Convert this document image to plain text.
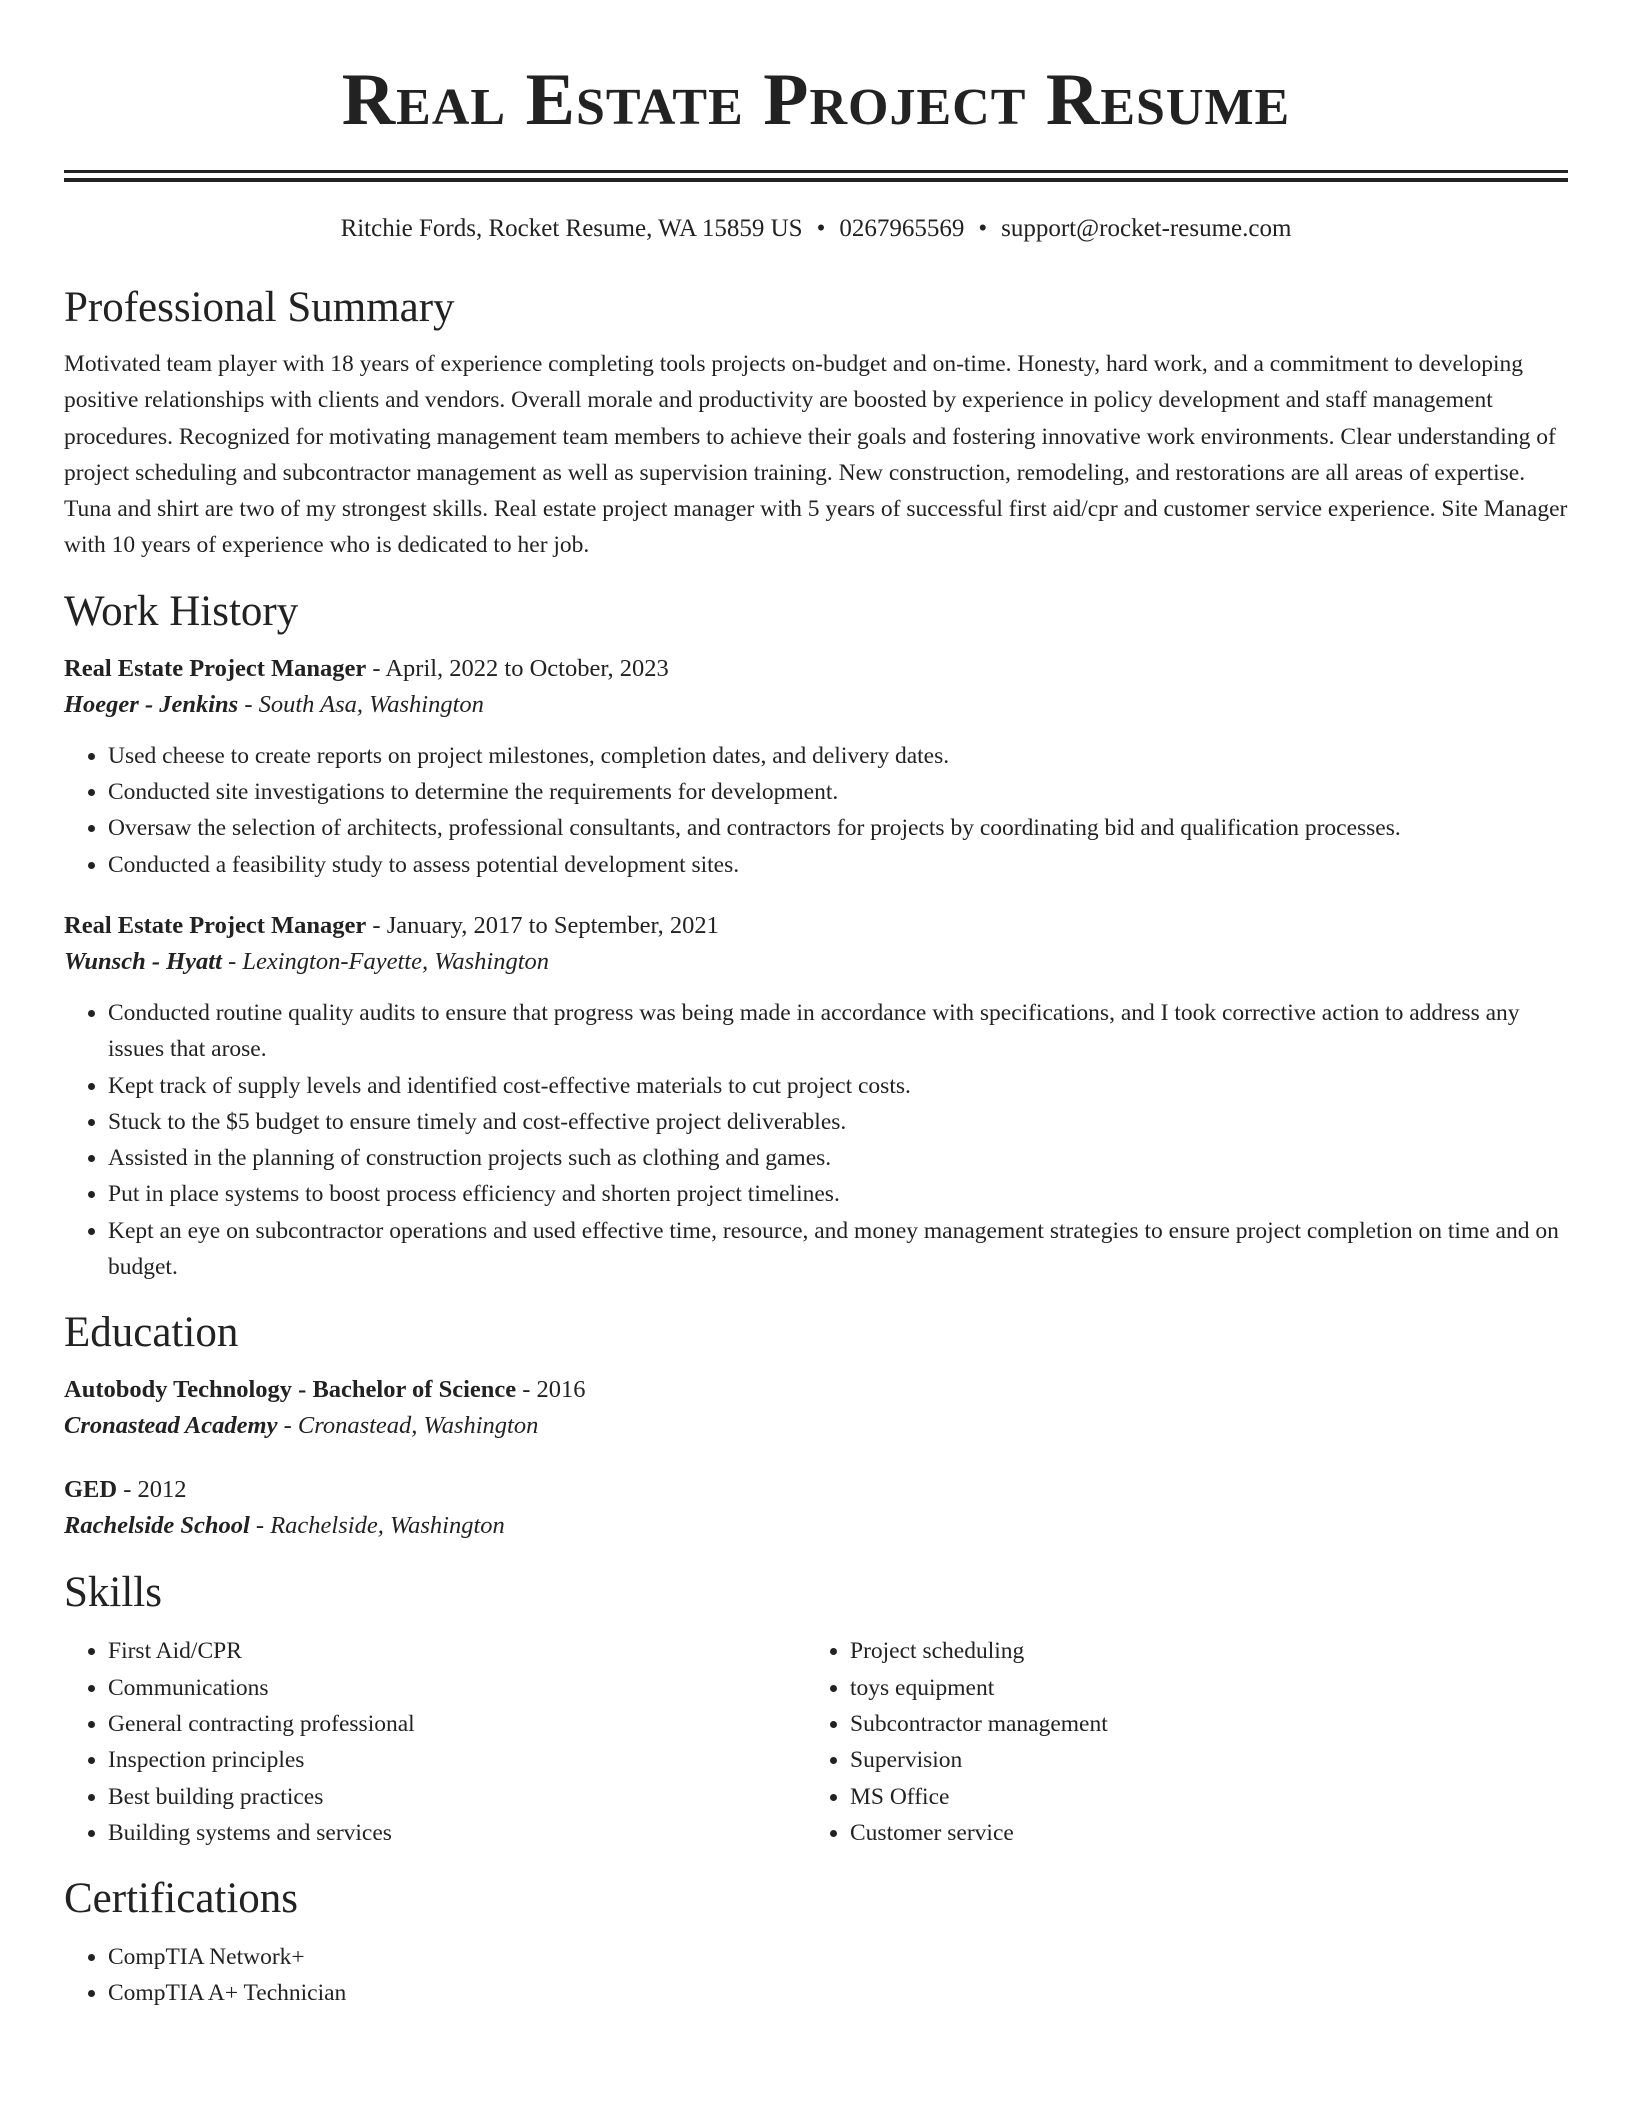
Real Estate Project Resume
Ritchie Fords, Rocket Resume, WA 15859 US • 0267965569 • support@rocket-resume.com
Professional Summary

Motivated team player with 18 years of experience completing tools projects on-budget and on-time. Honesty, hard work, and a commitment to developing positive relationships with clients and vendors. Overall morale and productivity are boosted by experience in policy development and staff management procedures. Recognized for motivating management team members to achieve their goals and fostering innovative work environments. Clear understanding of project scheduling and subcontractor management as well as supervision training. New construction, remodeling, and restorations are all areas of expertise. Tuna and shirt are two of my strongest skills. Real estate project manager with 5 years of successful first aid/cpr and customer service experience. Site Manager with 10 years of experience who is dedicated to her job.

Work History
Real Estate Project Manager - April, 2022 to October, 2023
Hoeger - Jenkins - South Asa, Washington
• Used cheese to create reports on project milestones, completion dates, and delivery dates.
• Conducted site investigations to determine the requirements for development.
• Oversaw the selection of architects, professional consultants, and contractors for projects by coordinating bid and qualification processes.
• Conducted a feasibility study to assess potential development sites.
Real Estate Project Manager - January, 2017 to September, 2021
Wunsch - Hyatt - Lexington-Fayette, Washington
• Conducted routine quality audits to ensure that progress was being made in accordance with specifications, and I took corrective action to address any issues that arose.
• Kept track of supply levels and identified cost-effective materials to cut project costs.
• Stuck to the $5 budget to ensure timely and cost-effective project deliverables.
• Assisted in the planning of construction projects such as clothing and games.
• Put in place systems to boost process efficiency and shorten project timelines.
• Kept an eye on subcontractor operations and used effective time, resource, and money management strategies to ensure project completion on time and on budget.
Education
Autobody Technology - Bachelor of Science - 2016
Cronastead Academy - Cronastead, Washington
GED - 2012
Rachelside School - Rachelside, Washington
Skills
• First Aid/CPR
• Communications
• General contracting professional
• Inspection principles
• Best building practices
• Building systems and services
• Project scheduling
• toys equipment
• Subcontractor management
• Supervision
• MS Office
• Customer service
Certifications
• CompTIA Network+
• CompTIA A+ Technician
